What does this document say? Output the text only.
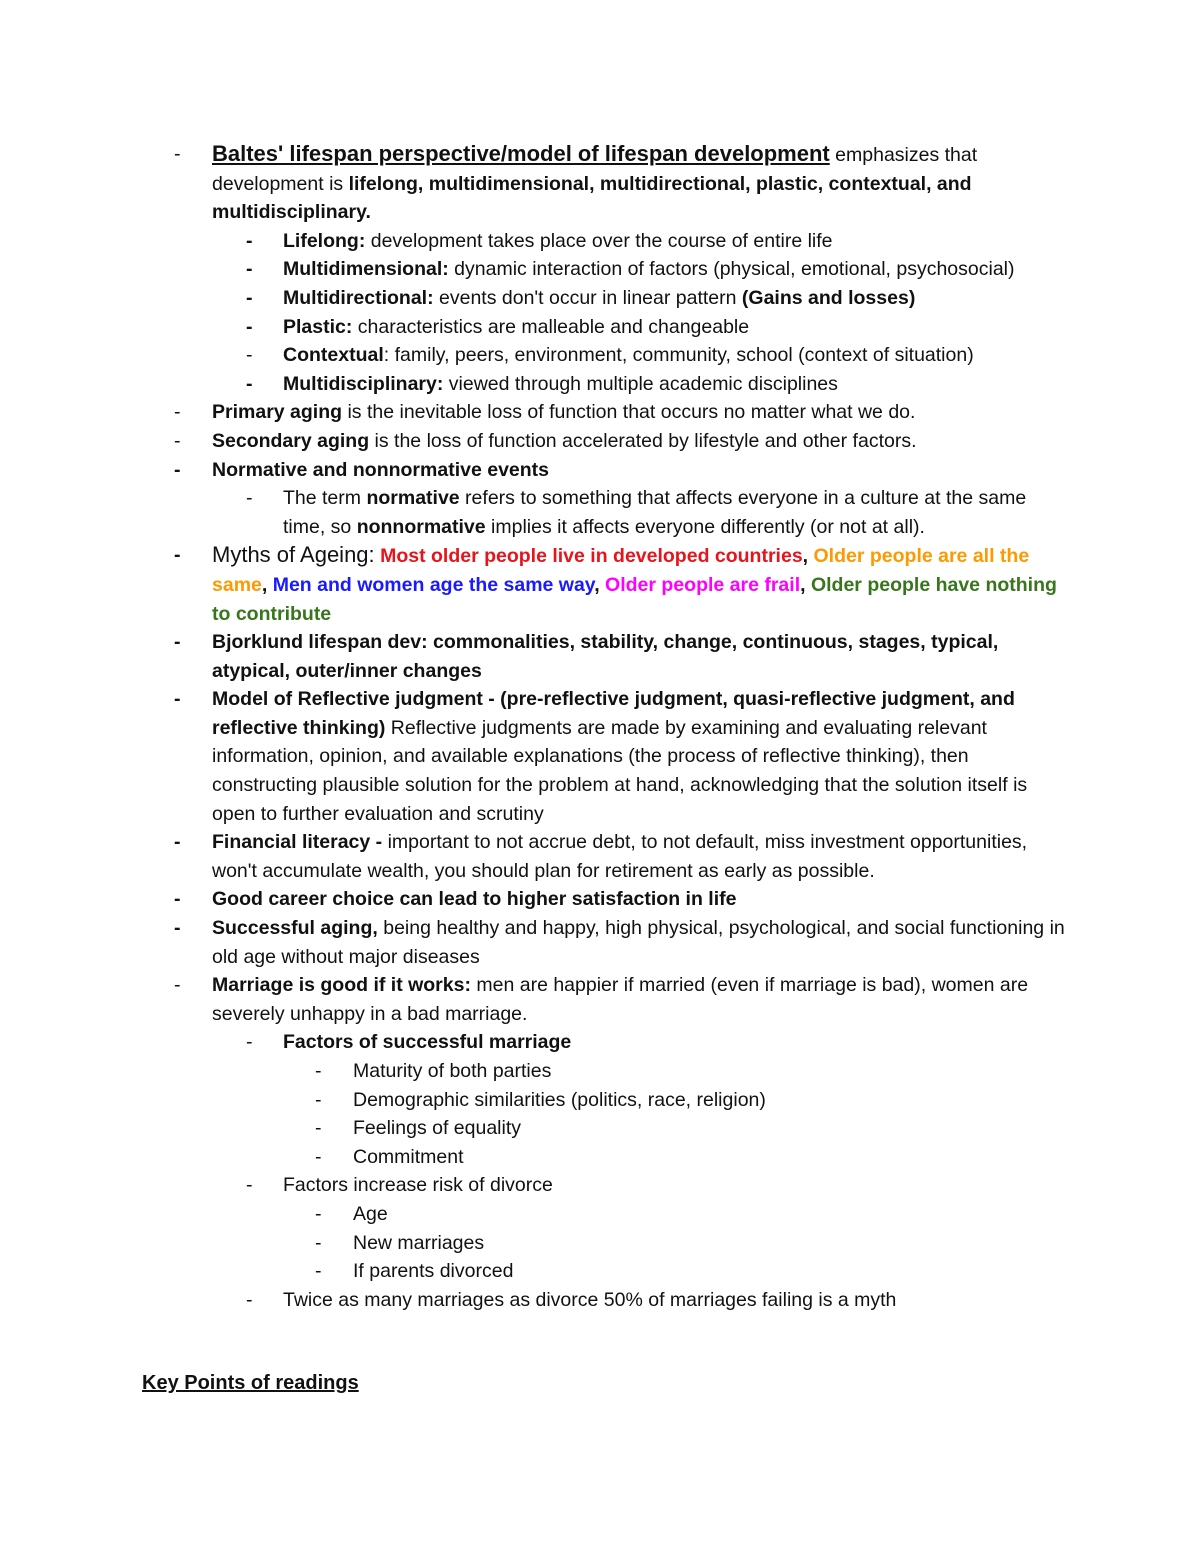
- Baltes' lifespan perspective/model of lifespan development emphasizes that development is lifelong, multidimensional, multidirectional, plastic, contextual, and multidisciplinary.
- Lifelong: development takes place over the course of entire life
- Multidimensional: dynamic interaction of factors (physical, emotional, psychosocial)
- Multidirectional: events don't occur in linear pattern (Gains and losses)
- Plastic: characteristics are malleable and changeable
- Contextual: family, peers, environment, community, school (context of situation)
- Multidisciplinary: viewed through multiple academic disciplines
- Primary aging is the inevitable loss of function that occurs no matter what we do.
- Secondary aging is the loss of function accelerated by lifestyle and other factors.
- Normative and nonnormative events
- The term normative refers to something that affects everyone in a culture at the same time, so nonnormative implies it affects everyone differently (or not at all).
- Myths of Ageing: Most older people live in developed countries, Older people are all the same, Men and women age the same way, Older people are frail, Older people have nothing to contribute
- Bjorklund lifespan dev: commonalities, stability, change, continuous, stages, typical, atypical, outer/inner changes
- Model of Reflective judgment - (pre-reflective judgment, quasi-reflective judgment, and reflective thinking) Reflective judgments are made by examining and evaluating relevant information, opinion, and available explanations (the process of reflective thinking), then constructing plausible solution for the problem at hand, acknowledging that the solution itself is open to further evaluation and scrutiny
- Financial literacy - important to not accrue debt, to not default, miss investment opportunities, won't accumulate wealth, you should plan for retirement as early as possible.
- Good career choice can lead to higher satisfaction in life
- Successful aging, being healthy and happy, high physical, psychological, and social functioning in old age without major diseases
- Marriage is good if it works: men are happier if married (even if marriage is bad), women are severely unhappy in a bad marriage.
- Factors of successful marriage
- Maturity of both parties
- Demographic similarities (politics, race, religion)
- Feelings of equality
- Commitment
- Factors increase risk of divorce
- Age
- New marriages
- If parents divorced
- Twice as many marriages as divorce 50% of marriages failing is a myth
Key Points of readings
